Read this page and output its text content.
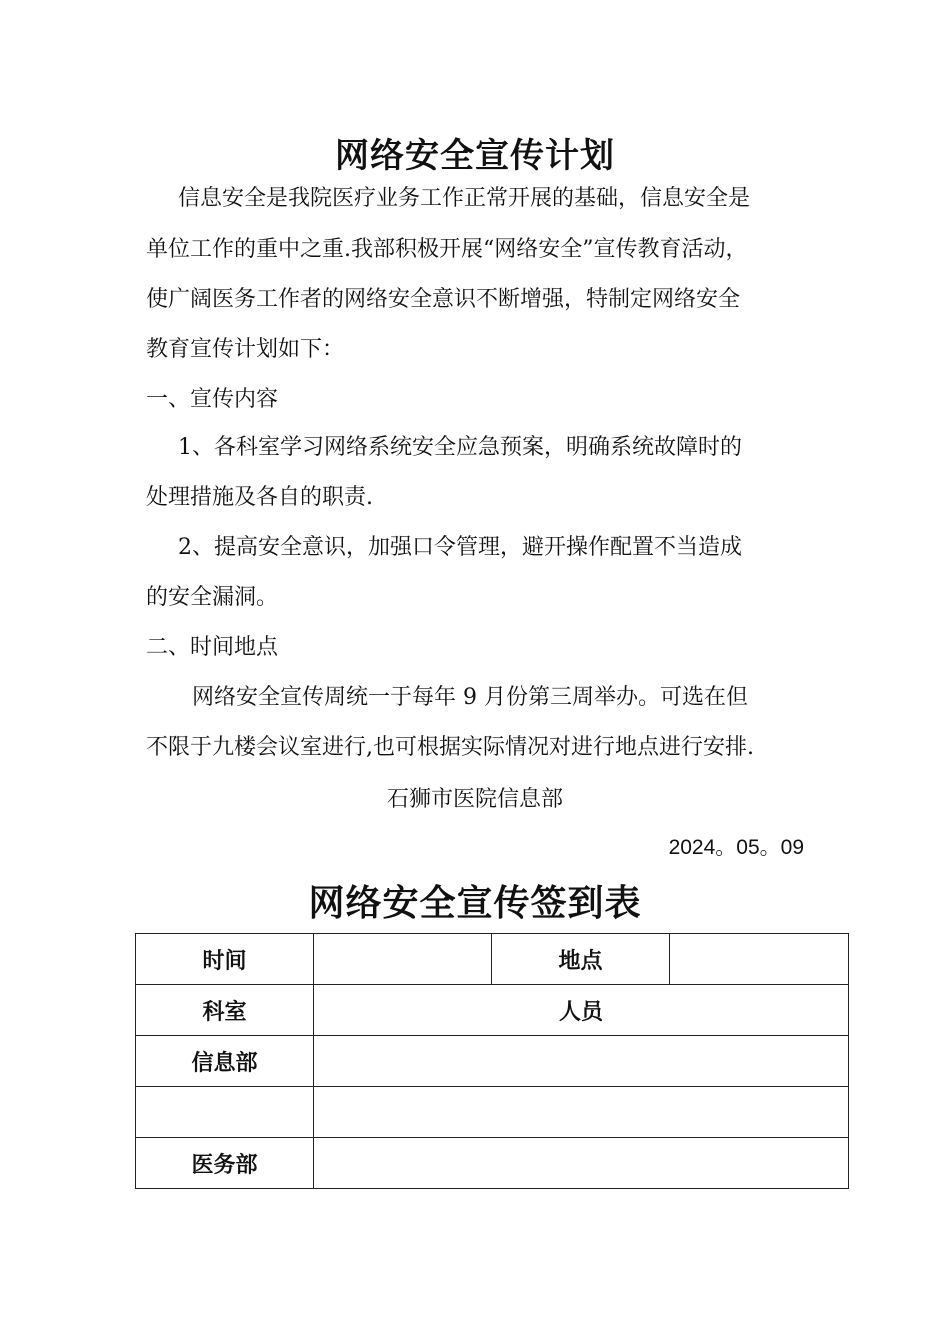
网络安全宣传计划
信息安全是我院医疗业务工作正常开展的基础，信息安全是
单位工作的重中之重.我部积极开展“网络安全”宣传教育活动，
使广阔医务工作者的网络安全意识不断增强，特制定网络安全
教育宣传计划如下：
一、宣传内容
1、各科室学习网络系统安全应急预案，明确系统故障时的
处理措施及各自的职责.
2、提高安全意识，加强口令管理，避开操作配置不当造成
的安全漏洞。
二、时间地点
网络安全宣传周统一于每年 9 月份第三周举办。可选在但
不限于九楼会议室进行,也可根据实际情况对进行地点进行安排.
石狮市医院信息部
2024。05。09
网络安全宣传签到表
时间		地点	
科室	人员		
信息部			

医务部			
